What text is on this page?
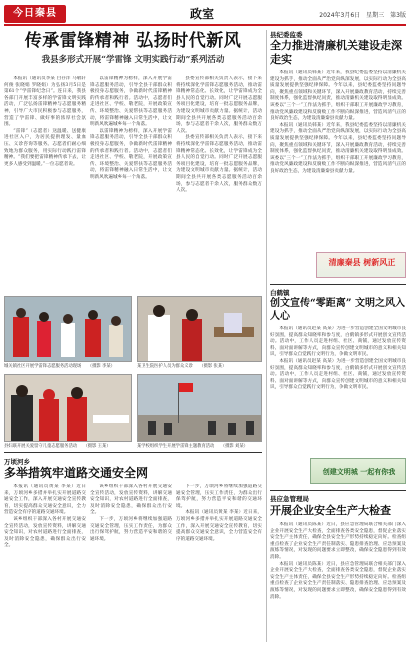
今日秦县	政室	2024年3月6日　星期三　第3版
传承雷锋精神 弘扬时代新风
我县多形式开展“学雷锋 文明实践行动”系列活动

本报讯（通讯员李某 白存洋 马敬轩 何俊 张晓娟 罗晓娟）为弘扬3月5日是第61个“学雷锋纪念日”。连日来，我县各部门开展丰富多样的学雷锋文明实践活动，广泛弘扬雷锋精神与志愿服务精神，引导广大市民积极参与志愿服务，营造了学雷锋、做好事的浓厚社会氛围。

“雷锋”（志愿者）送温暖、送健康进社区入户，为居民提供理发、量血压、义诊咨询等服务。志愿者们耐心细致地为群众服务，用实际行动践行雷锋精神。“我们要把雷锋精神传承下去，让更多人感受到温暖。”一位志愿者说。

以雷锋精神为榜样，深入开展学雷锋志愿服务活动，引导全县干部群众积极投身志愿服务，争做新时代雷锋精神的传承者和践行者。活动中，志愿者们走进社区、学校、敬老院，开展政策宣传、环境整治、关爱帮扶等志愿服务活动，将雷锋精神融入日常生活中，让文明新风吹遍城乡每一个角落。

以雷锋精神为榜样，深入开展学雷锋志愿服务活动，引导全县干部群众积极投身志愿服务，争做新时代雷锋精神的传承者和践行者。活动中，志愿者们走进社区、学校、敬老院，开展政策宣传、环境整治、关爱帮扶等志愿服务活动，将雷锋精神融入日常生活中，让文明新风吹遍城乡每一个角落。

县委宣传部相关负责人表示，接下来将持续深化学雷锋志愿服务活动，推动雷锋精神常态化、长效化，让学雷锋成为全县人民的自觉行动。同时广泛开展志愿服务项目化建设，培育一批志愿服务品牌，为建设文明城市贡献力量。据统计，活动期间全县共开展各类志愿服务活动百余场，参与志愿者千余人次，服务群众数万人次。

县委宣传部相关负责人表示，接下来将持续深化学雷锋志愿服务活动，推动雷锋精神常态化、长效化，让学雷锋成为全县人民的自觉行动。同时广泛开展志愿服务项目化建设，培育一批志愿服务品牌，为建设文明城市贡献力量。据统计，活动期间全县共开展各类志愿服务活动百余场，参与志愿者千余人次，服务群众数万人次。

城关镇社区开展学雷锋志愿服务活动现场　　（摄影 李某）	某卫生院医护人员为群众义诊　　（摄影 张某）
县妇联开展关爱留守儿童志愿服务活动　　（摄影 王某）	某学校组织学生开展学雷锋主题教育活动　　（摄影 刘某）
万顷河乡
多举措筑牢道路交通安全网

本报讯（通讯员黄某 李某）近日来，万顷河乡多措并举扎实开展道路交通安全工作，深入开展交通安全宣传教育，切实提高群众交通安全意识，全力营造安全有序的道路交通环境。

该乡组织干部深入各村开展交通安全宣传活动，发放宣传资料，讲解交通安全知识，对农村道路进行全面排查，及时消除安全隐患，确保群众出行安全。

该乡组织干部深入各村开展交通安全宣传活动，发放宣传资料，讲解交通安全知识，对农村道路进行全面排查，及时消除安全隐患，确保群众出行安全。

下一步，万顷河乡将继续加强道路交通安全管理，压实工作责任，为群众出行保驾护航，努力营造平安和谐的交通环境。

下一步，万顷河乡将继续加强道路交通安全管理，压实工作责任，为群众出行保驾护航，努力营造平安和谐的交通环境。

本报讯（通讯员黄某 李某）近日来，万顷河乡多措并举扎实开展道路交通安全工作，深入开展交通安全宣传教育，切实提高群众交通安全意识，全力营造安全有序的道路交通环境。

县纪委监委
全力推进清廉机关建设走深走实

本报讯（通讯员韩某）近年来，我县纪委监委坚持以清廉机关建设为抓手，推动全面从严治党向纵深发展，以实际行动为全县高质量发展提供坚强纪律保障。今年以来，县纪委监委坚持问题导向，聚焦重点领域和关键环节，深入开展廉政教育活动，持续完善制度体系，强化监督执纪问责，推动清廉机关建设取得明显成效。该委以“三个一”工作法为抓手，组织干部职工开展廉政学习教育，推动党风廉政建设和反腐败工作不断向纵深推进，营造风清气正的良好政治生态，为建设清廉秦县贡献力量。

本报讯（通讯员韩某）近年来，我县纪委监委坚持以清廉机关建设为抓手，推动全面从严治党向纵深发展，以实际行动为全县高质量发展提供坚强纪律保障。今年以来，县纪委监委坚持问题导向，聚焦重点领域和关键环节，深入开展廉政教育活动，持续完善制度体系，强化监督执纪问责，推动清廉机关建设取得明显成效。该委以“三个一”工作法为抓手，组织干部职工开展廉政学习教育，推动党风廉政建设和反腐败工作不断向纵深推进，营造风清气正的良好政治生态，为建设清廉秦县贡献力量。

清廉秦县 树新风正
白鹤镇
创文宣传“零距离” 文明之风入人心

本报讯（通讯员赵某 高某）为进一步营造创建全国文明城市良好氛围，提高群众知晓率和参与度，白鹤镇多形式开展创文宣传活动。活动中，工作人员走进村组、社区、商铺，通过发放宣传资料、面对面讲解等方式，向群众宣传创建文明城市的意义和相关知识，引导群众自觉践行文明行为，争做文明市民。

本报讯（通讯员赵某 高某）为进一步营造创建全国文明城市良好氛围，提高群众知晓率和参与度，白鹤镇多形式开展创文宣传活动。活动中，工作人员走进村组、社区、商铺，通过发放宣传资料、面对面讲解等方式，向群众宣传创建文明城市的意义和相关知识，引导群众自觉践行文明行为，争做文明市民。

创建文明城 一起有你我
县应急管理局
开展企业安全生产大检查

本报讯（通讯员陈某）近日，县应急管理局联合相关部门深入企业开展安全生产大检查，全面排查各类安全隐患，督促企业落实安全生产主体责任，确保全县安全生产形势持续稳定向好。检查组重点检查了企业安全生产责任制落实、隐患排查治理、应急预案及演练等情况，对发现的问题要求立即整改，确保安全隐患得到有效消除。

本报讯（通讯员陈某）近日，县应急管理局联合相关部门深入企业开展安全生产大检查，全面排查各类安全隐患，督促企业落实安全生产主体责任，确保全县安全生产形势持续稳定向好。检查组重点检查了企业安全生产责任制落实、隐患排查治理、应急预案及演练等情况，对发现的问题要求立即整改，确保安全隐患得到有效消除。
